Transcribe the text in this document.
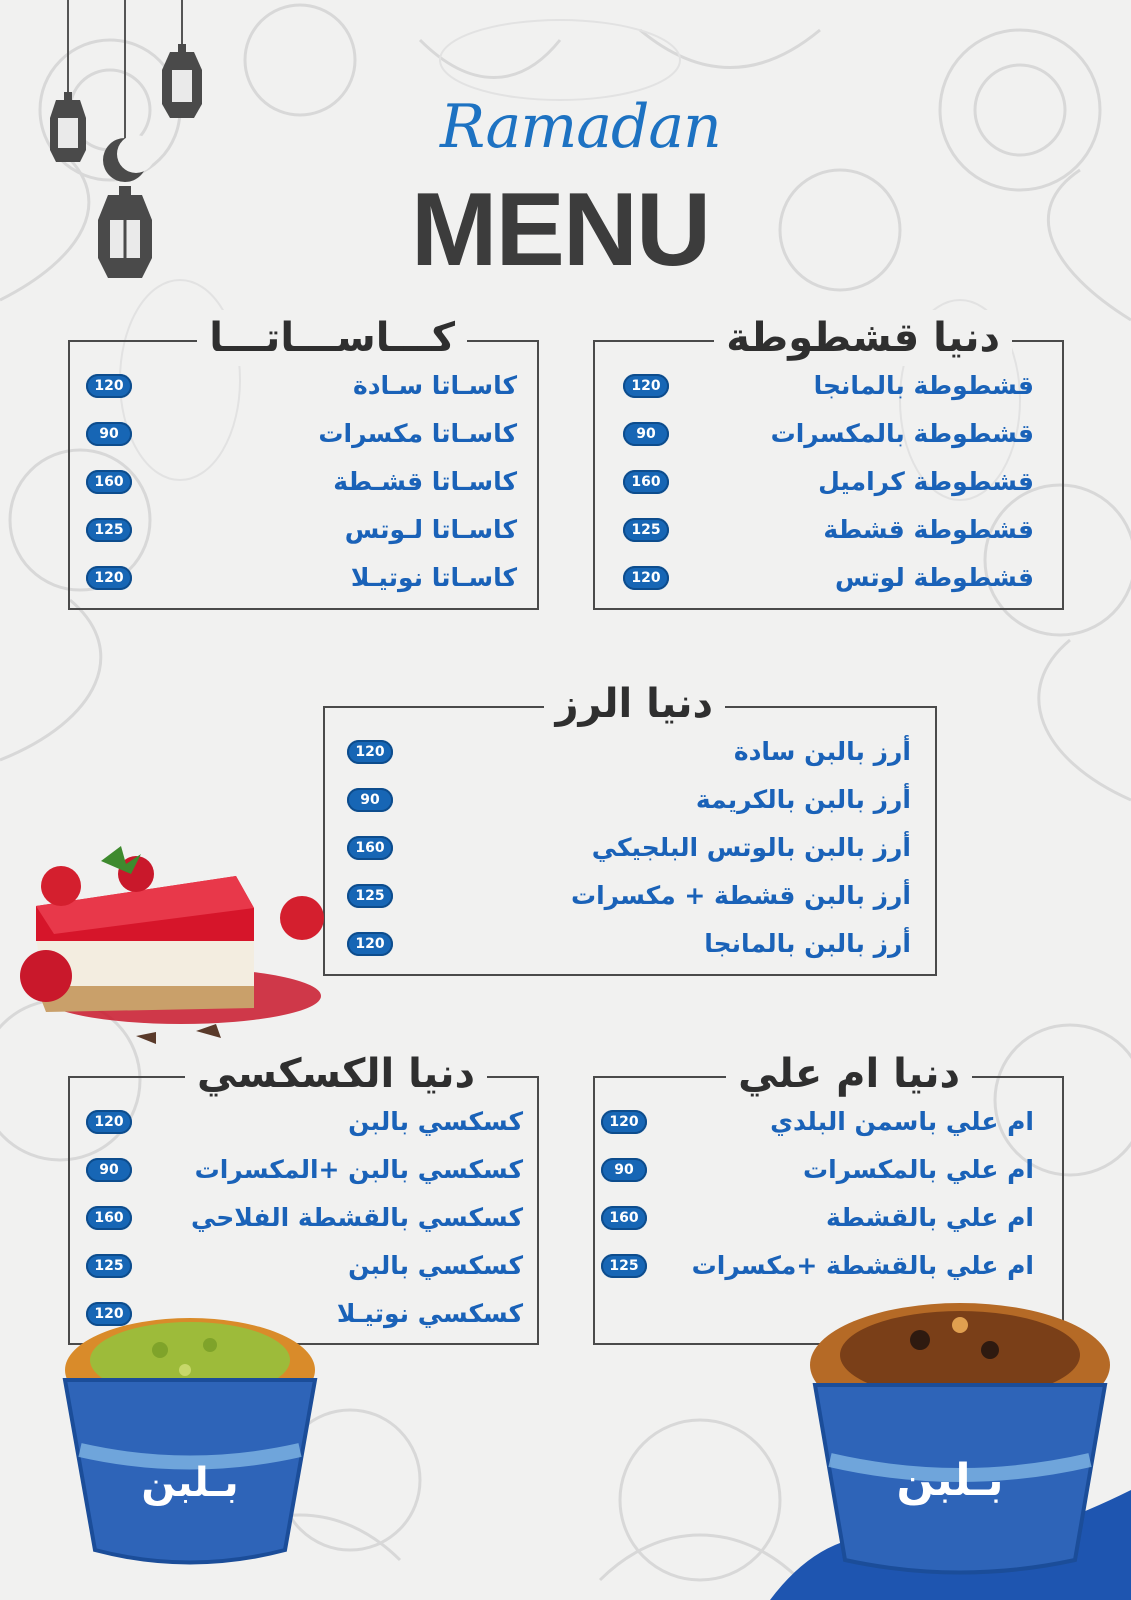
Ramadan
MENU
دنيا قشطوطة
قشطوطة بالمانجا
120
قشطوطة بالمكسرات
90
قشطوطة كراميل
160
قشطوطة قشطة
125
قشطوطة لوتس
120
كـــاســـاتـــا
كاسـاتا سـادة
120
كاسـاتا مكسرات
90
كاسـاتا قشـطة
160
كاسـاتا لـوتس
125
كاسـاتا نوتيـلا
120
دنيا الرز
أرز بالبن سادة
120
أرز بالبن بالكريمة
90
أرز بالبن بالوتس البلجيكي
160
أرز بالبن قشطة + مكسرات
125
أرز بالبن بالمانجا
120
دنيا ام علي
ام علي باسمن البلدي
120
ام علي بالمكسرات
90
ام علي بالقشطة
160
ام علي بالقشطة +مكسرات
125
دنيا الكسكسي
كسكسي بالبن
120
كسكسي بالبن +المكسرات
90
كسكسي بالقشطة الفلاحي
160
كسكسي بالبن
125
كسكسي نوتيـلا
120
بـلبن	بـلبن
